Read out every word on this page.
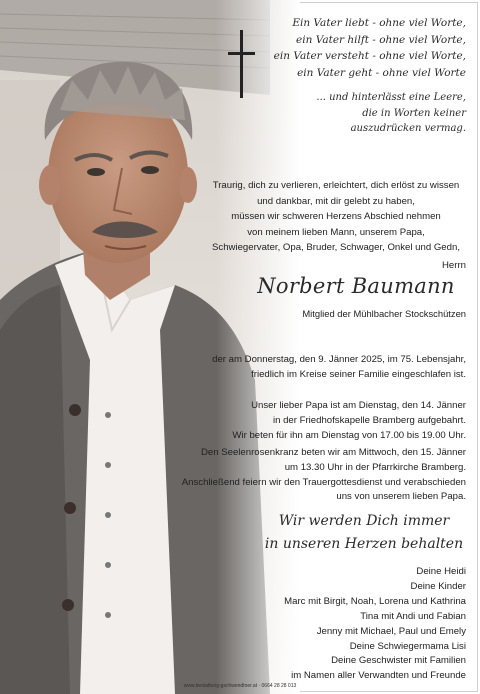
Ein Vater liebt - ohne viel Worte,
ein Vater hilft - ohne viel Worte,
ein Vater versteht - ohne viel Worte,
ein Vater geht - ohne viel Worte
... und hinterlässt eine Leere,
die in Worten keiner
auszudrücken vermag.
Traurig, dich zu verlieren, erleichtert, dich erlöst zu wissen
und dankbar, mit dir gelebt zu haben,
müssen wir schweren Herzens Abschied nehmen
von meinem lieben Mann, unserem Papa,
Schwiegervater, Opa, Bruder, Schwager, Onkel und Gedn,
Herrn
Norbert Baumann
Mitglied der Mühlbacher Stockschützen
der am Donnerstag, den 9. Jänner 2025, im 75. Lebensjahr,
friedlich im Kreise seiner Familie eingeschlafen ist.
Unser lieber Papa ist am Dienstag, den 14. Jänner
in der Friedhofskapelle Bramberg aufgebahrt.
Wir beten für ihn am Dienstag von 17.00 bis 19.00 Uhr.
Den Seelenrosenkranz beten wir am Mittwoch, den 15. Jänner
um 13.30 Uhr in der Pfarrkirche Bramberg.
Anschließend feiern wir den Trauergottesdienst und verabschieden
uns von unserem lieben Papa.
Wir werden Dich immer
in unseren Herzen behalten
Deine Heidi
Deine Kinder
Marc mit Birgit, Noah, Lorena und Kathrina
Tina mit Andi und Fabian
Jenny mit Michael, Paul und Emely
Deine Schwiegermama Lisi
Deine Geschwister mit Familien
im Namen aller Verwandten und Freunde
www.bestattung-gschwendtner.at · 0664 28 28 013
